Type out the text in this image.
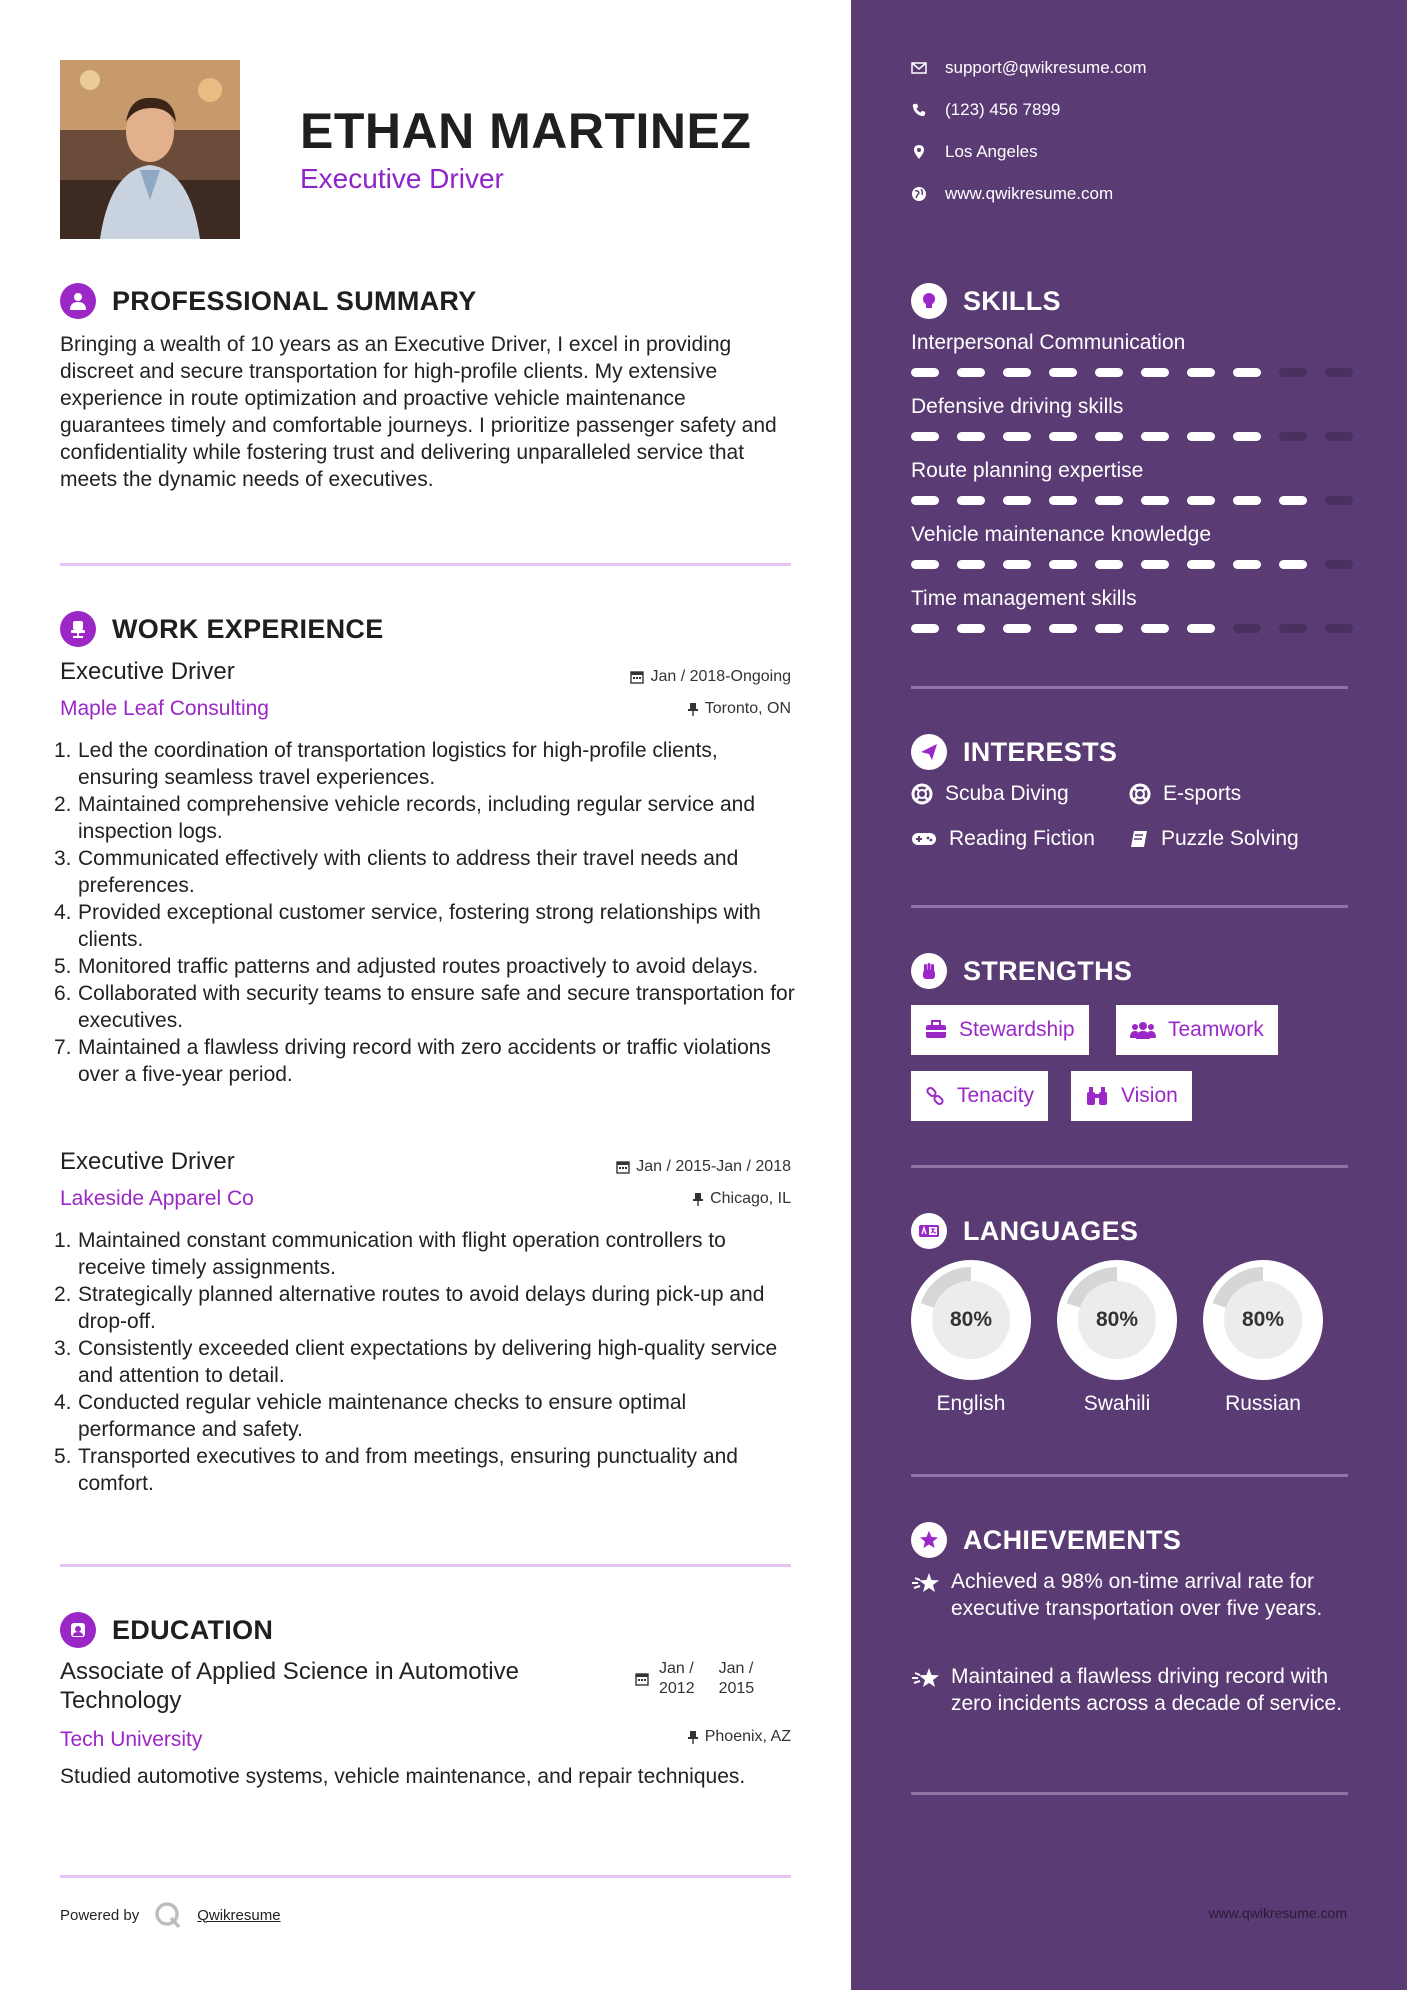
ETHAN MARTINEZ
Executive Driver
PROFESSIONAL SUMMARY
Bringing a wealth of 10 years as an Executive Driver, I excel in providing discreet and secure transportation for high-profile clients. My extensive experience in route optimization and proactive vehicle maintenance guarantees timely and comfortable journeys. I prioritize passenger safety and confidentiality while fostering trust and delivering unparalleled service that meets the dynamic needs of executives.
WORK EXPERIENCE
Executive Driver	Jan / 2018-Ongoing
Maple Leaf Consulting	Toronto, ON
1. Led the coordination of transportation logistics for high-profile clients, ensuring seamless travel experiences.
2. Maintained comprehensive vehicle records, including regular service and inspection logs.
3. Communicated effectively with clients to address their travel needs and preferences.
4. Provided exceptional customer service, fostering strong relationships with clients.
5. Monitored traffic patterns and adjusted routes proactively to avoid delays.
6. Collaborated with security teams to ensure safe and secure transportation for executives.
7. Maintained a flawless driving record with zero accidents or traffic violations over a five-year period.
Executive Driver	Jan / 2015-Jan / 2018
Lakeside Apparel Co	Chicago, IL
1. Maintained constant communication with flight operation controllers to receive timely assignments.
2. Strategically planned alternative routes to avoid delays during pick-up and drop-off.
3. Consistently exceeded client expectations by delivering high-quality service and attention to detail.
4. Conducted regular vehicle maintenance checks to ensure optimal performance and safety.
5. Transported executives to and from meetings, ensuring punctuality and comfort.
EDUCATION
Associate of Applied Science in Automotive Technology
Tech University
Jan /
2012
Jan /
2015
Phoenix, AZ
Studied automotive systems, vehicle maintenance, and repair techniques.
Powered by	Qwikresume
support@qwikresume.com
(123) 456 7899
Los Angeles
www.qwikresume.com
SKILLS
Interpersonal Communication
Defensive driving skills
Route planning expertise
Vehicle maintenance knowledge
Time management skills
INTERESTS
Scuba Diving	E-sports
Reading Fiction	Puzzle Solving
STRENGTHS
Stewardship	Teamwork
Tenacity	Vision
LANGUAGES
80%
English
80%
Swahili
80%
Russian
ACHIEVEMENTS
Achieved a 98% on-time arrival rate for executive transportation over five years.
Maintained a flawless driving record with zero incidents across a decade of service.
www.qwikresume.com
